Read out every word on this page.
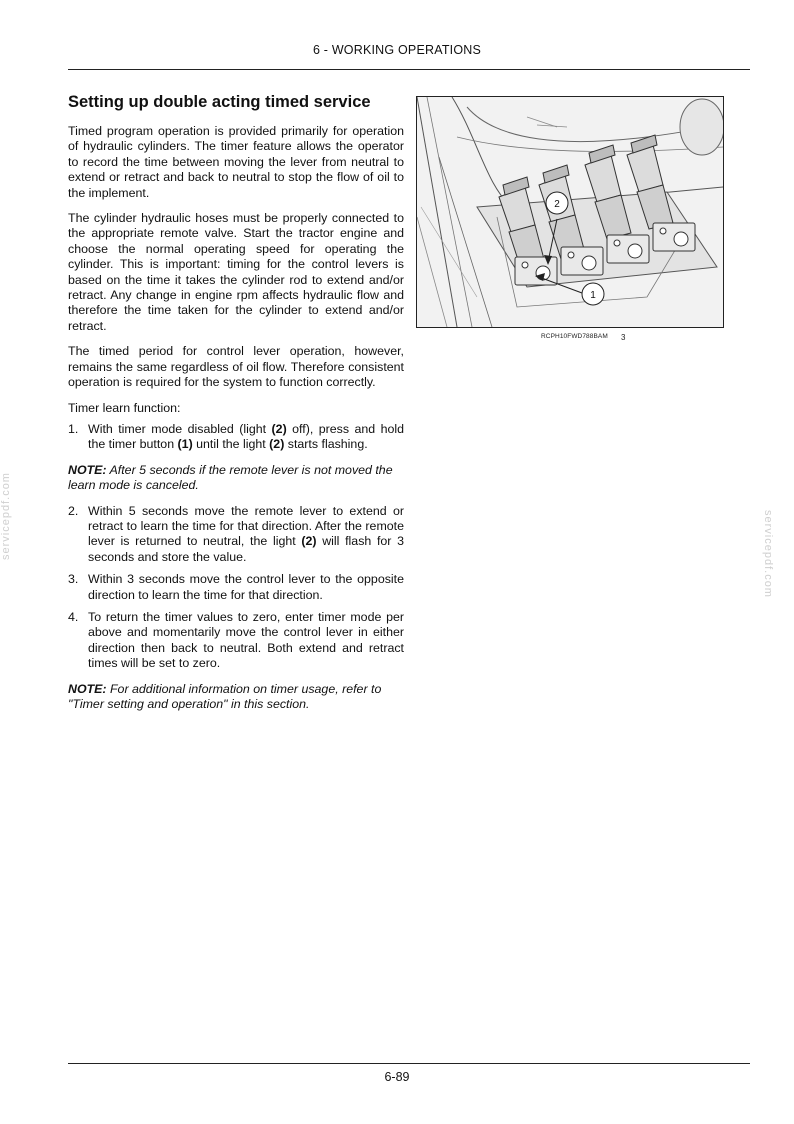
6 - WORKING OPERATIONS
Setting up double acting timed service

Timed program operation is provided primarily for operation of hydraulic cylinders. The timer feature allows the operator to record the time between moving the lever from neutral to extend or retract and back to neutral to stop the flow of oil to the implement.

The cylinder hydraulic hoses must be properly connected to the appropriate remote valve. Start the tractor engine and choose the normal operating speed for operating the cylinder. This is important: timing for the control levers is based on the time it takes the cylinder rod to extend and/or retract. Any change in engine rpm affects hydraulic flow and therefore the time taken for the cylinder to extend and/or retract.

The timed period for control lever operation, however, remains the same regardless of oil flow. Therefore consistent operation is required for the system to function correctly.

Timer learn function:

1. With timer mode disabled (light (2) off), press and hold the timer button (1) until the light (2) starts flashing.

NOTE: After 5 seconds if the remote lever is not moved the learn mode is canceled.

2. Within 5 seconds move the remote lever to extend or retract to learn the time for that direction. After the remote lever is returned to neutral, the light (2) will flash for 3 seconds and store the value.
3. Within 3 seconds move the control lever to the opposite direction to learn the time for that direction.
4. To return the timer values to zero, enter timer mode per above and momentarily move the control lever in either direction then back to neutral. Both extend and retract times will be set to zero.

NOTE: For additional information on timer usage, refer to "Timer setting and operation" in this section.

2
1
RCPH10FWD788BAM 3
servicepdf.com	servicepdf.com
6-89
